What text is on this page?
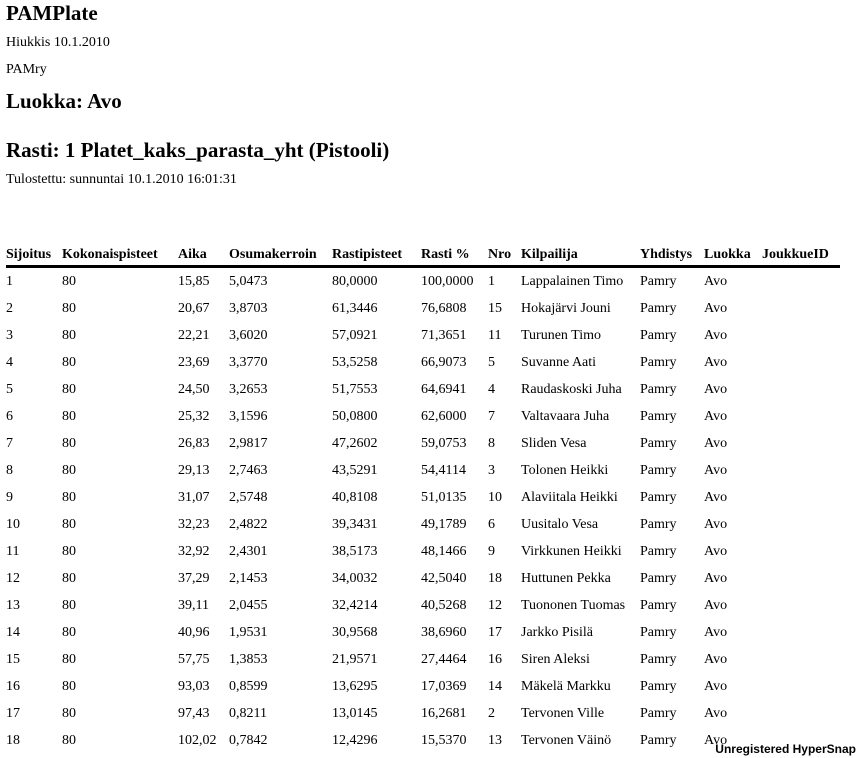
PAMPlate
Hiukkis 10.1.2010
PAMry
Luokka: Avo
Rasti: 1 Platet_kaks_parasta_yht (Pistooli)
Tulostettu: sunnuntai 10.1.2010 16:01:31
Sijoitus	Kokonaispisteet	Aika	Osumakerroin	Rastipisteet	Rasti %	Nro	Kilpailija	Yhdistys	Luokka	JoukkueID

1	80	15,85	5,0473	80,0000	100,0000	1	Lappalainen Timo	Pamry	Avo	

2	80	20,67	3,8703	61,3446	76,6808	15	Hokajärvi Jouni	Pamry	Avo	

3	80	22,21	3,6020	57,0921	71,3651	11	Turunen Timo	Pamry	Avo	

4	80	23,69	3,3770	53,5258	66,9073	5	Suvanne Aati	Pamry	Avo	

5	80	24,50	3,2653	51,7553	64,6941	4	Raudaskoski Juha	Pamry	Avo	

6	80	25,32	3,1596	50,0800	62,6000	7	Valtavaara Juha	Pamry	Avo	

7	80	26,83	2,9817	47,2602	59,0753	8	Sliden Vesa	Pamry	Avo	

8	80	29,13	2,7463	43,5291	54,4114	3	Tolonen Heikki	Pamry	Avo	

9	80	31,07	2,5748	40,8108	51,0135	10	Alaviitala Heikki	Pamry	Avo	

10	80	32,23	2,4822	39,3431	49,1789	6	Uusitalo Vesa	Pamry	Avo	

11	80	32,92	2,4301	38,5173	48,1466	9	Virkkunen Heikki	Pamry	Avo	

12	80	37,29	2,1453	34,0032	42,5040	18	Huttunen Pekka	Pamry	Avo	

13	80	39,11	2,0455	32,4214	40,5268	12	Tuononen Tuomas	Pamry	Avo	

14	80	40,96	1,9531	30,9568	38,6960	17	Jarkko Pisilä	Pamry	Avo	

15	80	57,75	1,3853	21,9571	27,4464	16	Siren Aleksi	Pamry	Avo	

16	80	93,03	0,8599	13,6295	17,0369	14	Mäkelä Markku	Pamry	Avo	

17	80	97,43	0,8211	13,0145	16,2681	2	Tervonen Ville	Pamry	Avo	

18	80	102,02	0,7842	12,4296	15,5370	13	Tervonen Väinö	Pamry	Avo	

Unregistered HyperSnap
